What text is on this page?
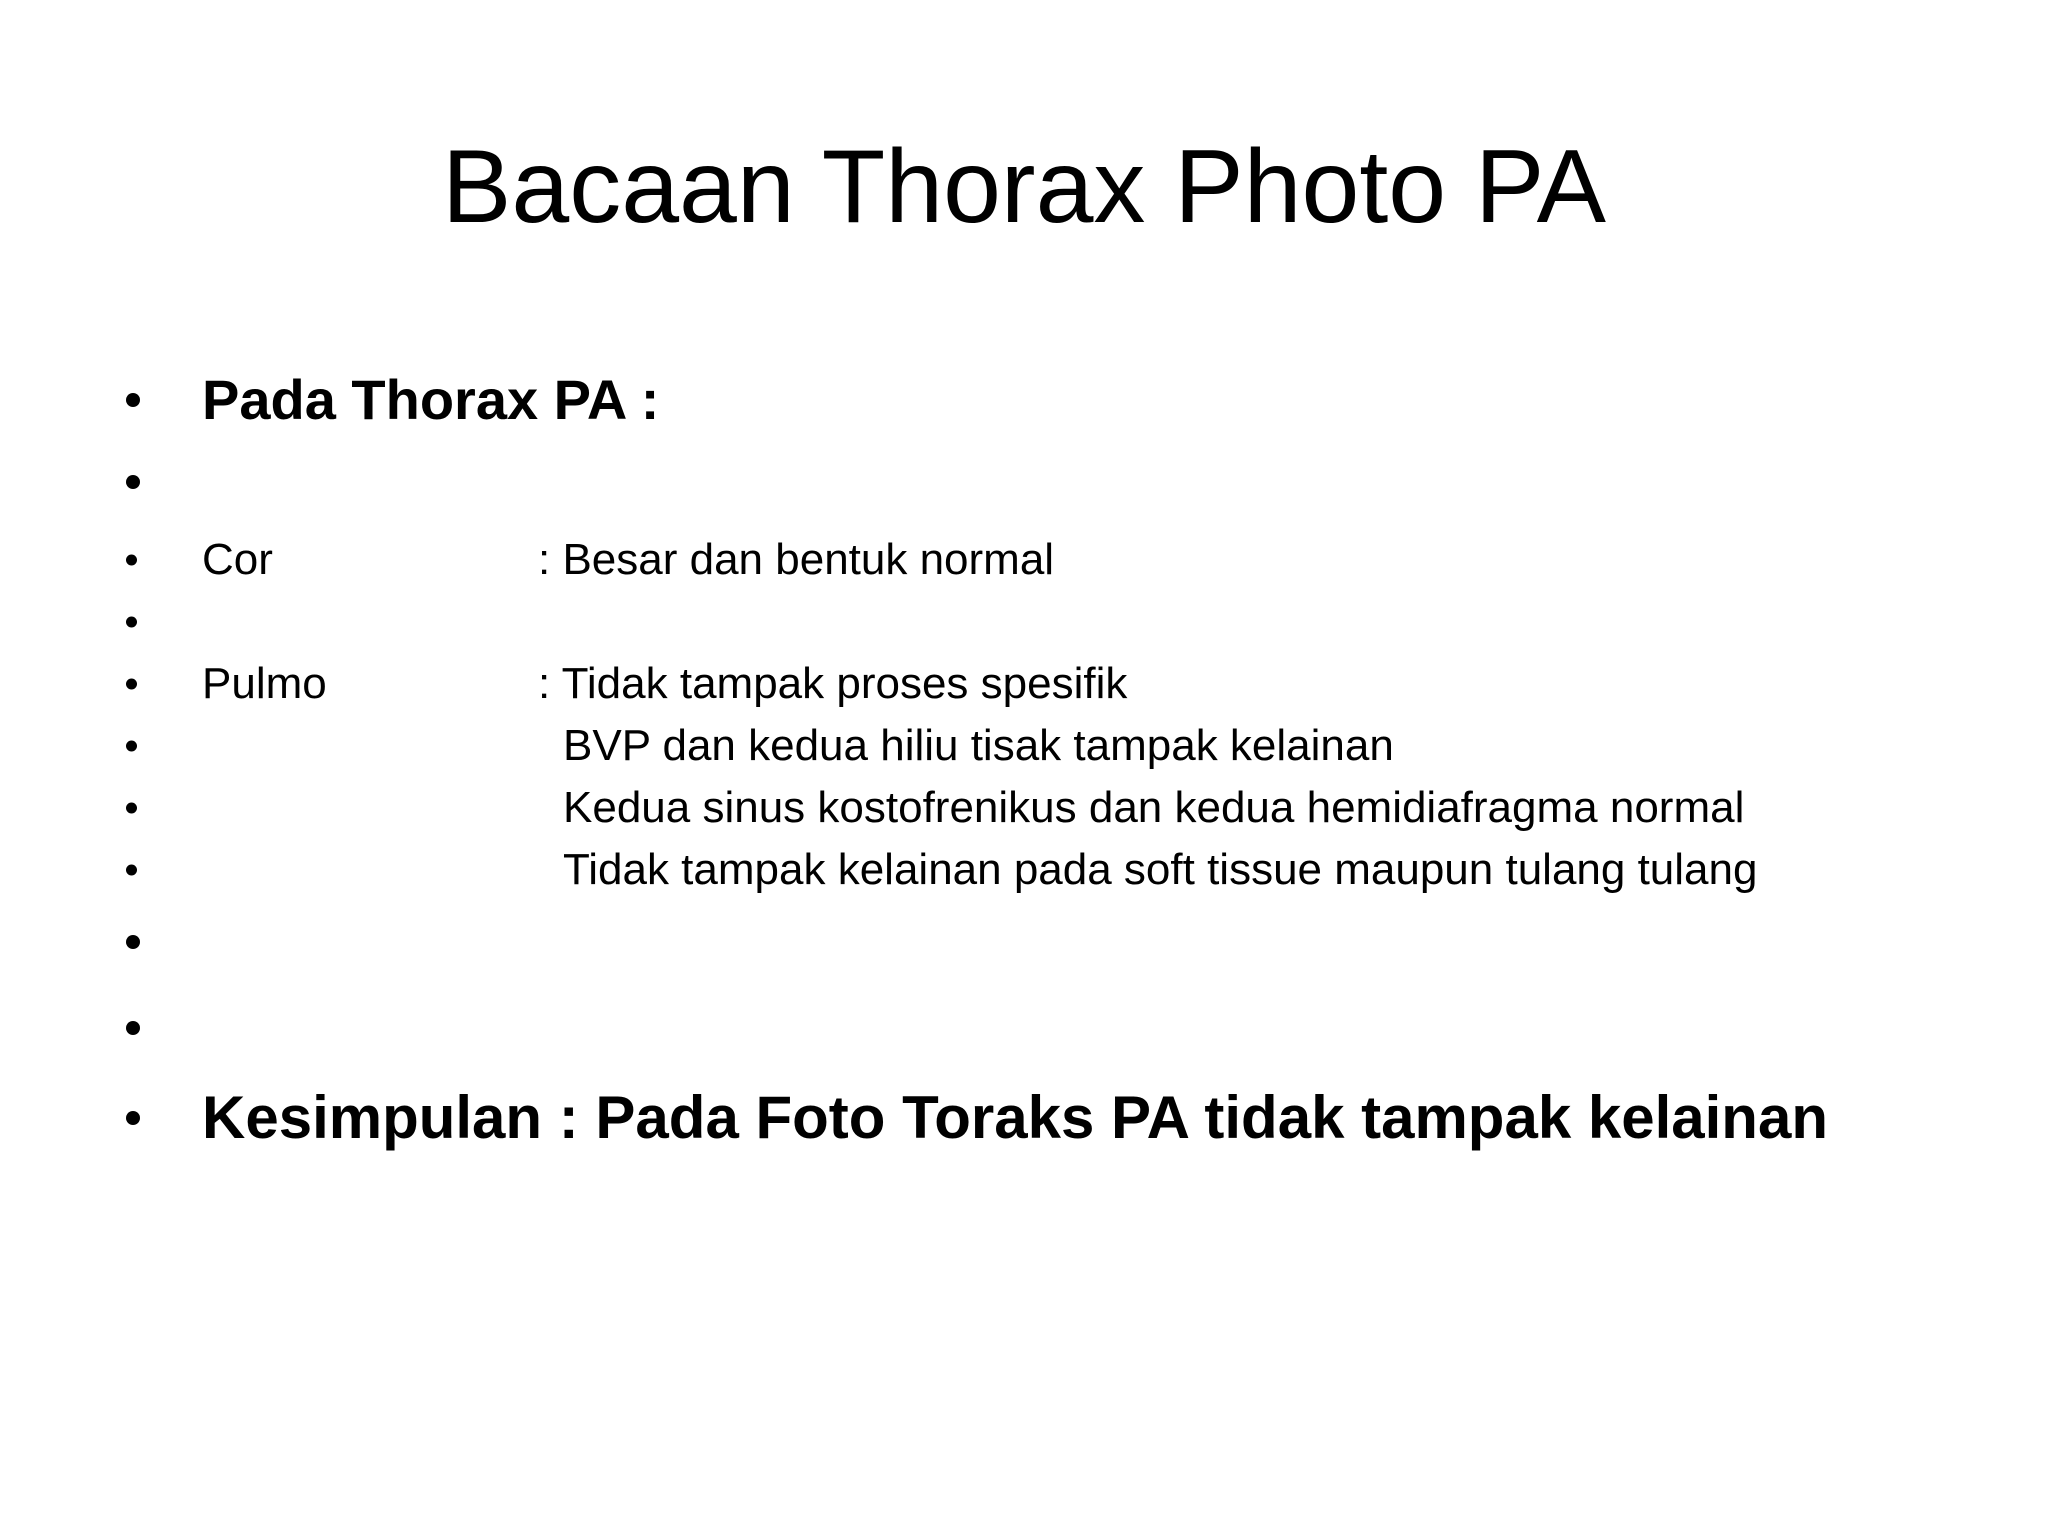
Bacaan Thorax Photo PA
Pada Thorax PA :
Cor	: Besar dan bentuk normal
Pulmo	: Tidak tampak proses spesifik
BVP dan kedua hiliu tisak tampak kelainan
Kedua sinus kostofrenikus dan kedua hemidiafragma normal
Tidak tampak kelainan pada soft tissue maupun tulang tulang
Kesimpulan : Pada Foto Toraks PA tidak tampak kelainan
